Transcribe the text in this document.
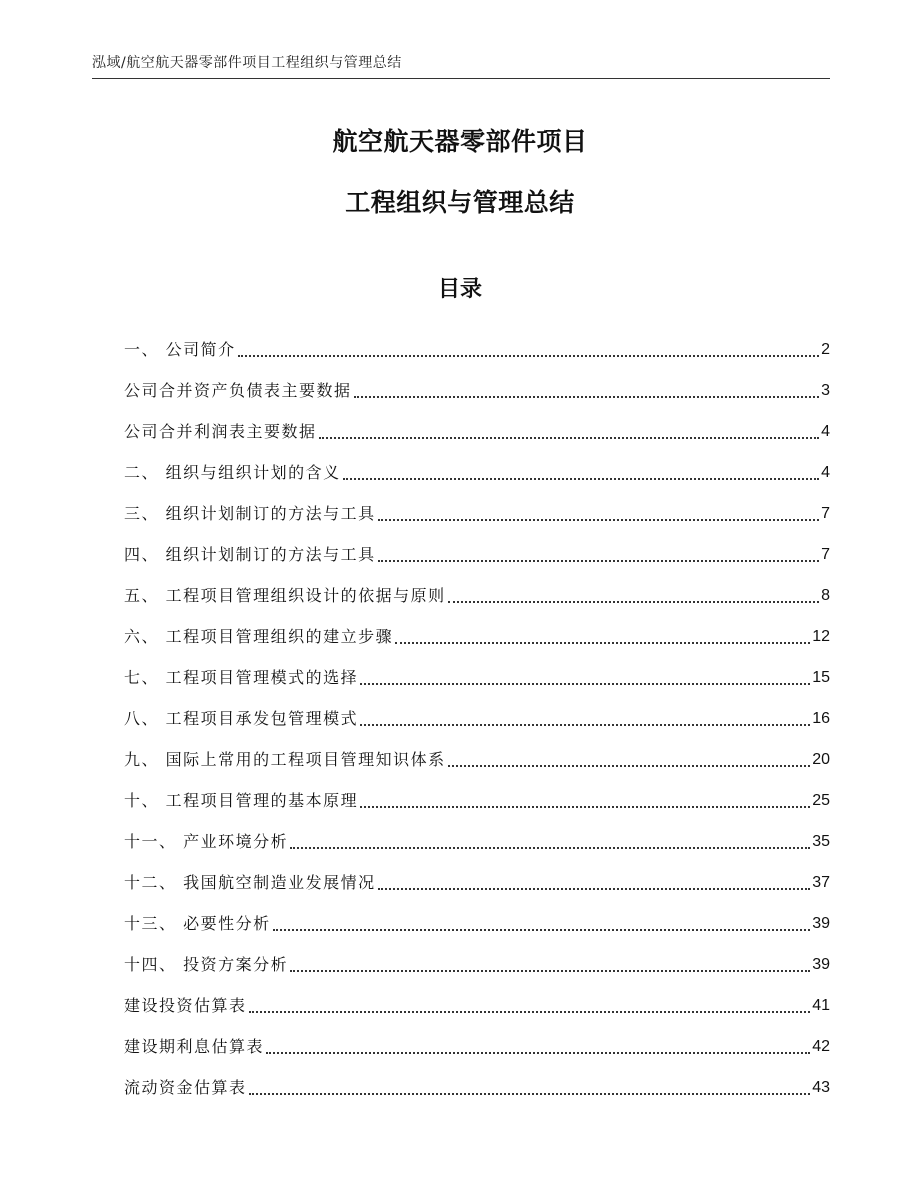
泓域/航空航天器零部件项目工程组织与管理总结
航空航天器零部件项目
工程组织与管理总结
目录
一、 公司简介	2
公司合并资产负债表主要数据	3
公司合并利润表主要数据	4
二、 组织与组织计划的含义	4
三、 组织计划制订的方法与工具	7
四、 组织计划制订的方法与工具	7
五、 工程项目管理组织设计的依据与原则	8
六、 工程项目管理组织的建立步骤	12
七、 工程项目管理模式的选择	15
八、 工程项目承发包管理模式	16
九、 国际上常用的工程项目管理知识体系	20
十、 工程项目管理的基本原理	25
十一、 产业环境分析	35
十二、 我国航空制造业发展情况	37
十三、 必要性分析	39
十四、 投资方案分析	39
建设投资估算表	41
建设期利息估算表	42
流动资金估算表	43
